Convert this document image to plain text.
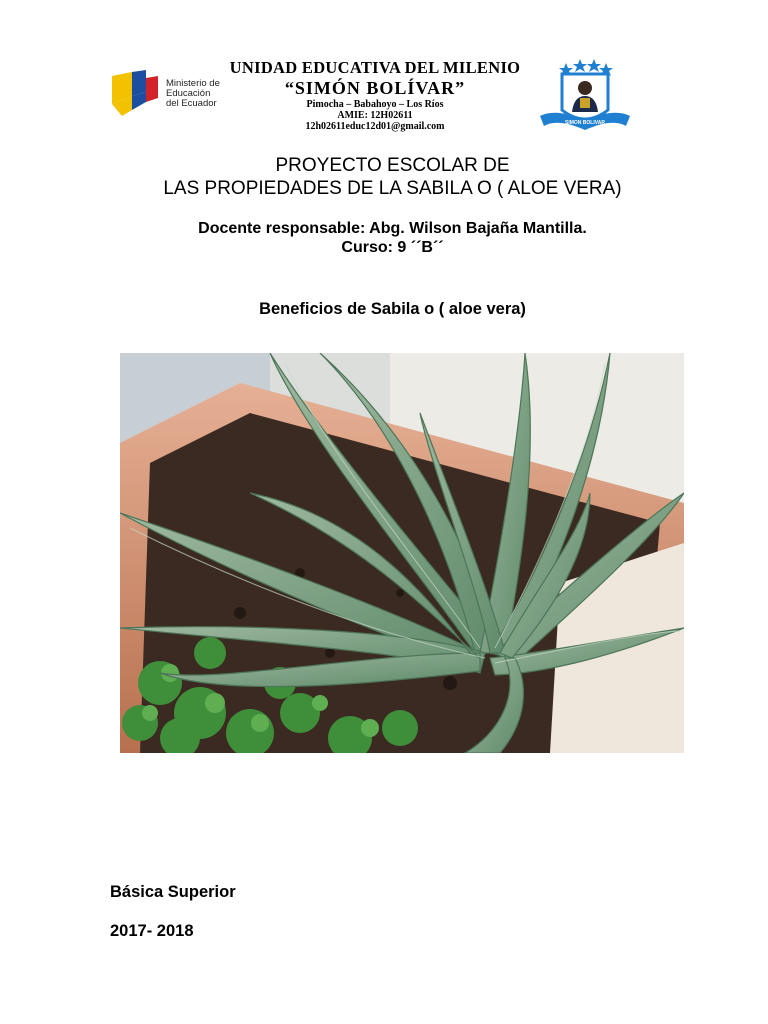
Ministerio de
Educación
del Ecuador
UNIDAD EDUCATIVA DEL MILENIO
“SIMÓN BOLÍVAR”
Pimocha – Babahoyo – Los Ríos
AMIE: 12H02611
12h02611educ12d01@gmail.com	SIMON BOLIVAR
PROYECTO ESCOLAR DE
LAS PROPIEDADES DE LA SABILA O ( ALOE VERA)
Docente responsable: Abg. Wilson Bajaña Mantilla.
Curso: 9 ´´B´´
Beneficios de Sabila o ( aloe vera)
Básica Superior
2017- 2018
